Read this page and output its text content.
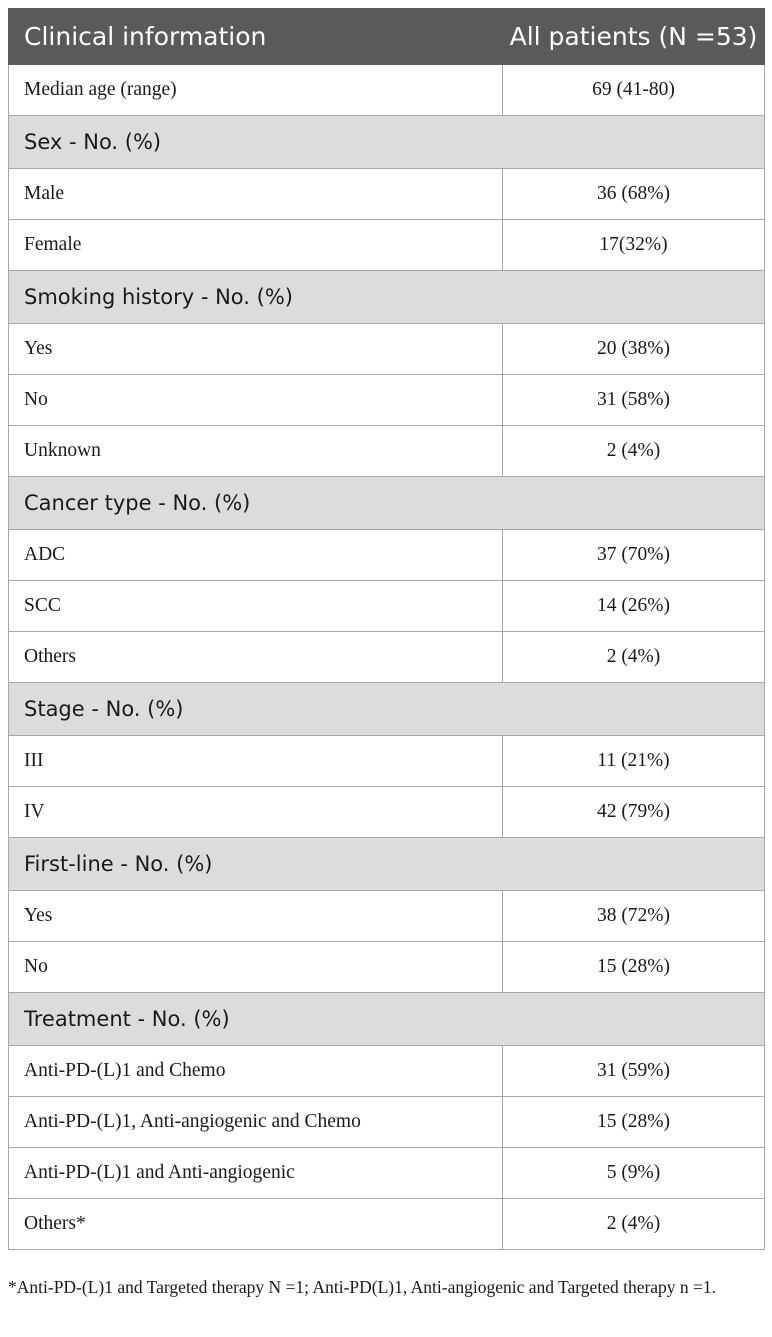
Clinical information	All patients (N =53)
Median age (range)	69 (41-80)
Sex - No. (%)	
Male	36 (68%)
Female	17(32%)
Smoking history - No. (%)	
Yes	20 (38%)
No	31 (58%)
Unknown	2 (4%)
Cancer type - No. (%)	
ADC	37 (70%)
SCC	14 (26%)
Others	2 (4%)
Stage - No. (%)	
III	11 (21%)
IV	42 (79%)
First-line - No. (%)	
Yes	38 (72%)
No	15 (28%)
Treatment - No. (%)	
Anti-PD-(L)1 and Chemo	31 (59%)
Anti-PD-(L)1, Anti-angiogenic and Chemo	15 (28%)
Anti-PD-(L)1 and Anti-angiogenic	5 (9%)
Others*	2 (4%)

*Anti-PD-(L)1 and Targeted therapy N =1; Anti-PD(L)1, Anti-angiogenic and Targeted therapy n =1.
